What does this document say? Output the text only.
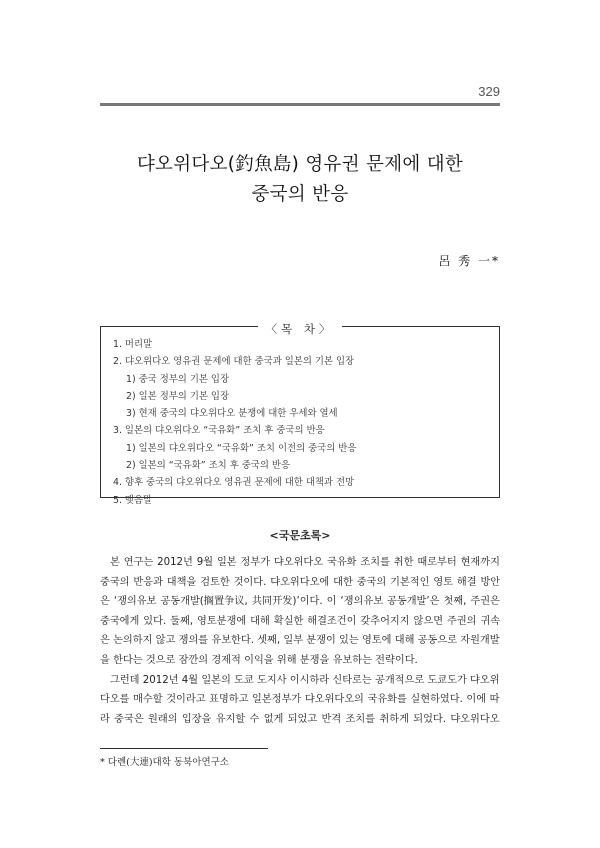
329
댜오위다오(釣魚島) 영유권 문제에 대한
중국의 반응
呂 秀 一*
〈목 차〉
1. 머리말
2. 댜오위다오 영유권 문제에 대한 중국과 일본의 기본 입장
1) 중국 정부의 기본 입장
2) 일본 정부의 기본 입장
3) 현재 중국의 댜오위다오 분쟁에 대한 우세와 열세
3. 일본의 댜오위다오 “국유화” 조치 후 중국의 반응
1) 일본의 댜오위다오 “국유화” 조치 이전의 중국의 반응
2) 일본의 “국유화” 조치 후 중국의 반응
4. 향후 중국의 댜오위다오 영유권 문제에 대한 대책과 전망
5. 맺음말
<국문초록>
본 연구는 2012년 9월 일본 정부가 댜오위다오 국유화 조치를 취한 때로부터 현재까지
중국의 반응과 대책을 검토한 것이다. 댜오위다오에 대한 중국의 기본적인 영토 해결 방안
은 ‘쟁의유보 공동개발(搁置争议, 共同开发)’이다. 이 ‘쟁의유보 공동개발’은 첫째, 주권은
중국에게 있다. 둘째, 영토분쟁에 대해 확실한 해결조건이 갖추어지지 않으면 주권의 귀속
은 논의하지 않고 쟁의를 유보한다. 셋째, 일부 분쟁이 있는 영토에 대해 공동으로 자원개발
을 한다는 것으로 잠깐의 경제적 이익을 위해 분쟁을 유보하는 전략이다.
그런데 2012년 4월 일본의 도쿄 도지사 이시하라 신타로는 공개적으로 도쿄도가 댜오위
다오를 매수할 것이라고 표명하고 일본정부가 댜오위다오의 국유화를 실현하였다. 이에 따
라 중국은 원래의 입장을 유지할 수 없게 되었고 반격 조치를 취하게 되었다. 댜오위다오
* 다롄(大連)대학 동북아연구소
